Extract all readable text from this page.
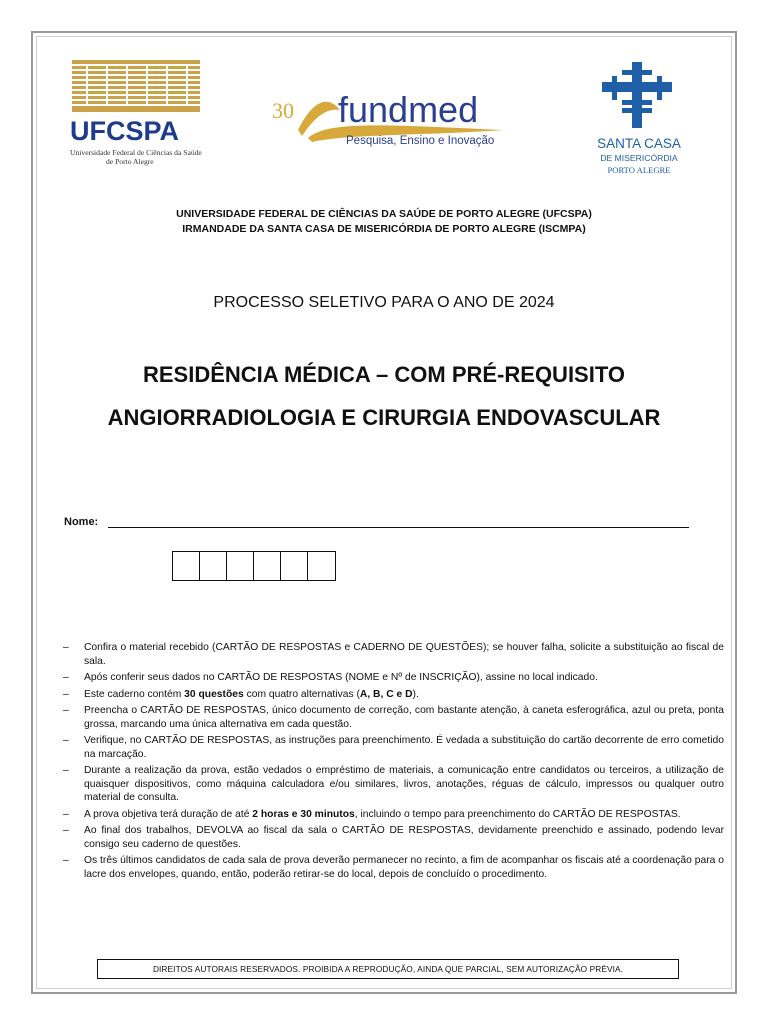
UFCSPA
Universidade Federal de Ciências da Saúde
de Porto Alegre
30 fundmed
Pesquisa, Ensino e Inovação	SANTA CASA
DE MISERICÓRDIA
PORTO ALEGRE
UNIVERSIDADE FEDERAL DE CIÊNCIAS DA SAÚDE DE PORTO ALEGRE (UFCSPA)
IRMANDADE DA SANTA CASA DE MISERICÓRDIA DE PORTO ALEGRE (ISCMPA)
PROCESSO SELETIVO PARA O ANO DE 2024
RESIDÊNCIA MÉDICA – COM PRÉ-REQUISITO
ANGIORRADIOLOGIA E CIRURGIA ENDOVASCULAR
Nome:
– Confira o material recebido (CARTÃO DE RESPOSTAS e CADERNO DE QUESTÕES); se houver falha, solicite a substituição ao fiscal de sala.
– Após conferir seus dados no CARTÃO DE RESPOSTAS (NOME e Nº de INSCRIÇÃO), assine no local indicado.
– Este caderno contém 30 questões com quatro alternativas (A, B, C e D).
– Preencha o CARTÃO DE RESPOSTAS, único documento de correção, com bastante atenção, à caneta esferográfica, azul ou preta, ponta grossa, marcando uma única alternativa em cada questão.
– Verifique, no CARTÃO DE RESPOSTAS, as instruções para preenchimento. É vedada a substituição do cartão decorrente de erro cometido na marcação.
– Durante a realização da prova, estão vedados o empréstimo de materiais, a comunicação entre candidatos ou terceiros, a utilização de quaisquer dispositivos, como máquina calculadora e/ou similares, livros, anotações, réguas de cálculo, impressos ou qualquer outro material de consulta.
– A prova objetiva terá duração de até 2 horas e 30 minutos, incluindo o tempo para preenchimento do CARTÃO DE RESPOSTAS.
– Ao final dos trabalhos, DEVOLVA ao fiscal da sala o CARTÃO DE RESPOSTAS, devidamente preenchido e assinado, podendo levar consigo seu caderno de questões.
– Os três últimos candidatos de cada sala de prova deverão permanecer no recinto, a fim de acompanhar os fiscais até a coordenação para o lacre dos envelopes, quando, então, poderão retirar-se do local, depois de concluído o procedimento.
DIREITOS AUTORAIS RESERVADOS. PROIBIDA A REPRODUÇÃO, AINDA QUE PARCIAL, SEM AUTORIZAÇÃO PRÉVIA.
